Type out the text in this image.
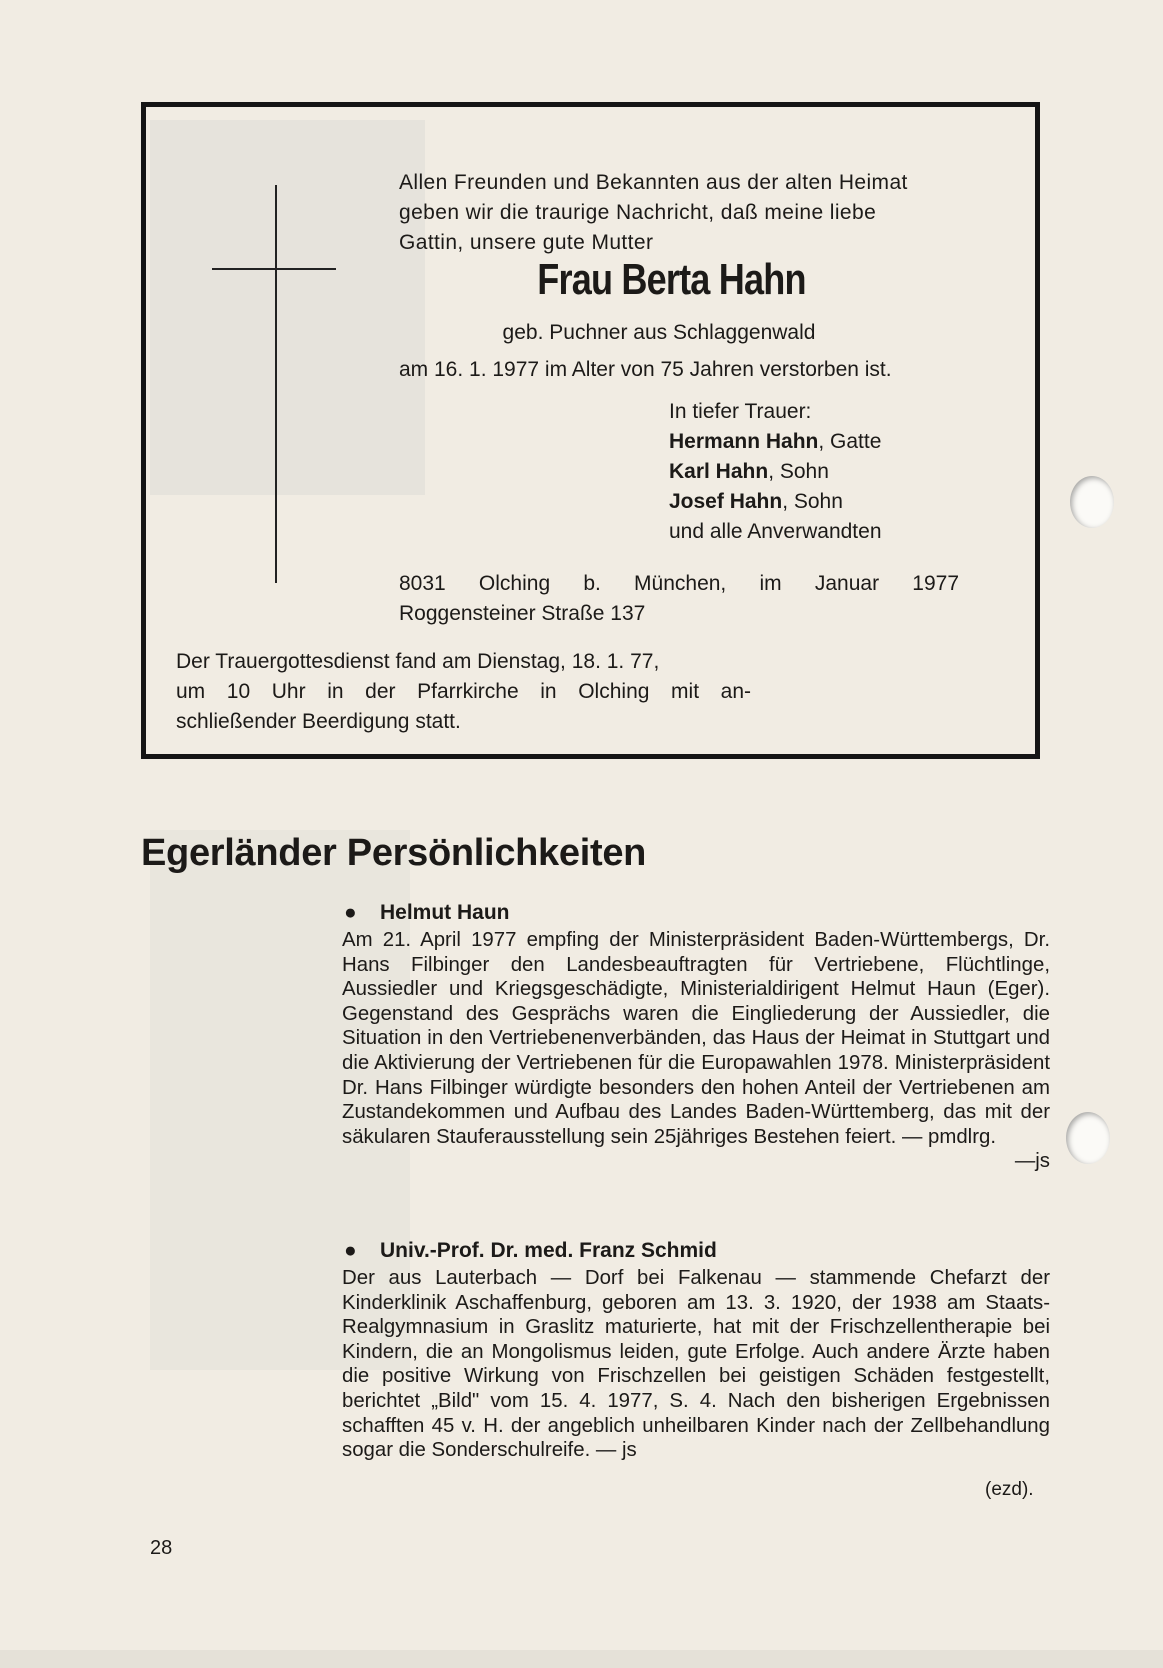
Allen Freunden und Bekannten aus der alten Heimat
geben wir die traurige Nachricht, daß meine liebe
Gattin, unsere gute Mutter
Frau Berta Hahn
geb. Puchner aus Schlaggenwald
am 16. 1. 1977 im Alter von 75 Jahren verstorben ist.
In tiefer Trauer:
Hermann Hahn, Gatte
Karl Hahn, Sohn
Josef Hahn, Sohn
und alle Anverwandten
8031 Olching b. München, im Januar 1977
Roggensteiner Straße 137
Der Trauergottesdienst fand am Dienstag, 18. 1. 77,
um 10 Uhr in der Pfarrkirche in Olching mit an-
schließender Beerdigung statt.
Egerländer Persönlichkeiten
● Helmut Haun
Am 21. April 1977 empfing der Ministerpräsident Baden-Württembergs, Dr. Hans Filbinger den Landesbeauftragten für Vertriebene, Flüchtlinge, Aussiedler und Kriegsgeschädigte, Ministerialdirigent Helmut Haun (Eger). Gegenstand des Gesprächs waren die Eingliederung der Aussiedler, die Situation in den Vertriebenenverbänden, das Haus der Heimat in Stuttgart und die Aktivierung der Vertriebenen für die Europawahlen 1978. Ministerpräsident Dr. Hans Filbinger würdigte besonders den hohen Anteil der Vertriebenen am Zustandekommen und Aufbau des Landes Baden-Württemberg, das mit der säkularen Stauferausstellung sein 25jähriges Bestehen feiert. — pmdlrg.
—js
● Univ.-Prof. Dr. med. Franz Schmid
Der aus Lauterbach — Dorf bei Falkenau — stammende Chefarzt der Kinderklinik Aschaffenburg, geboren am 13. 3. 1920, der 1938 am Staats-Realgymnasium in Graslitz maturierte, hat mit der Frischzellentherapie bei Kindern, die an Mongolismus leiden, gute Erfolge. Auch andere Ärzte haben die positive Wirkung von Frischzellen bei geistigen Schäden festgestellt, berichtet „Bild" vom 15. 4. 1977, S. 4. Nach den bisherigen Ergebnissen schafften 45 v. H. der angeblich unheilbaren Kinder nach der Zellbehandlung sogar die Sonderschulreife. — js
(ezd).
28
